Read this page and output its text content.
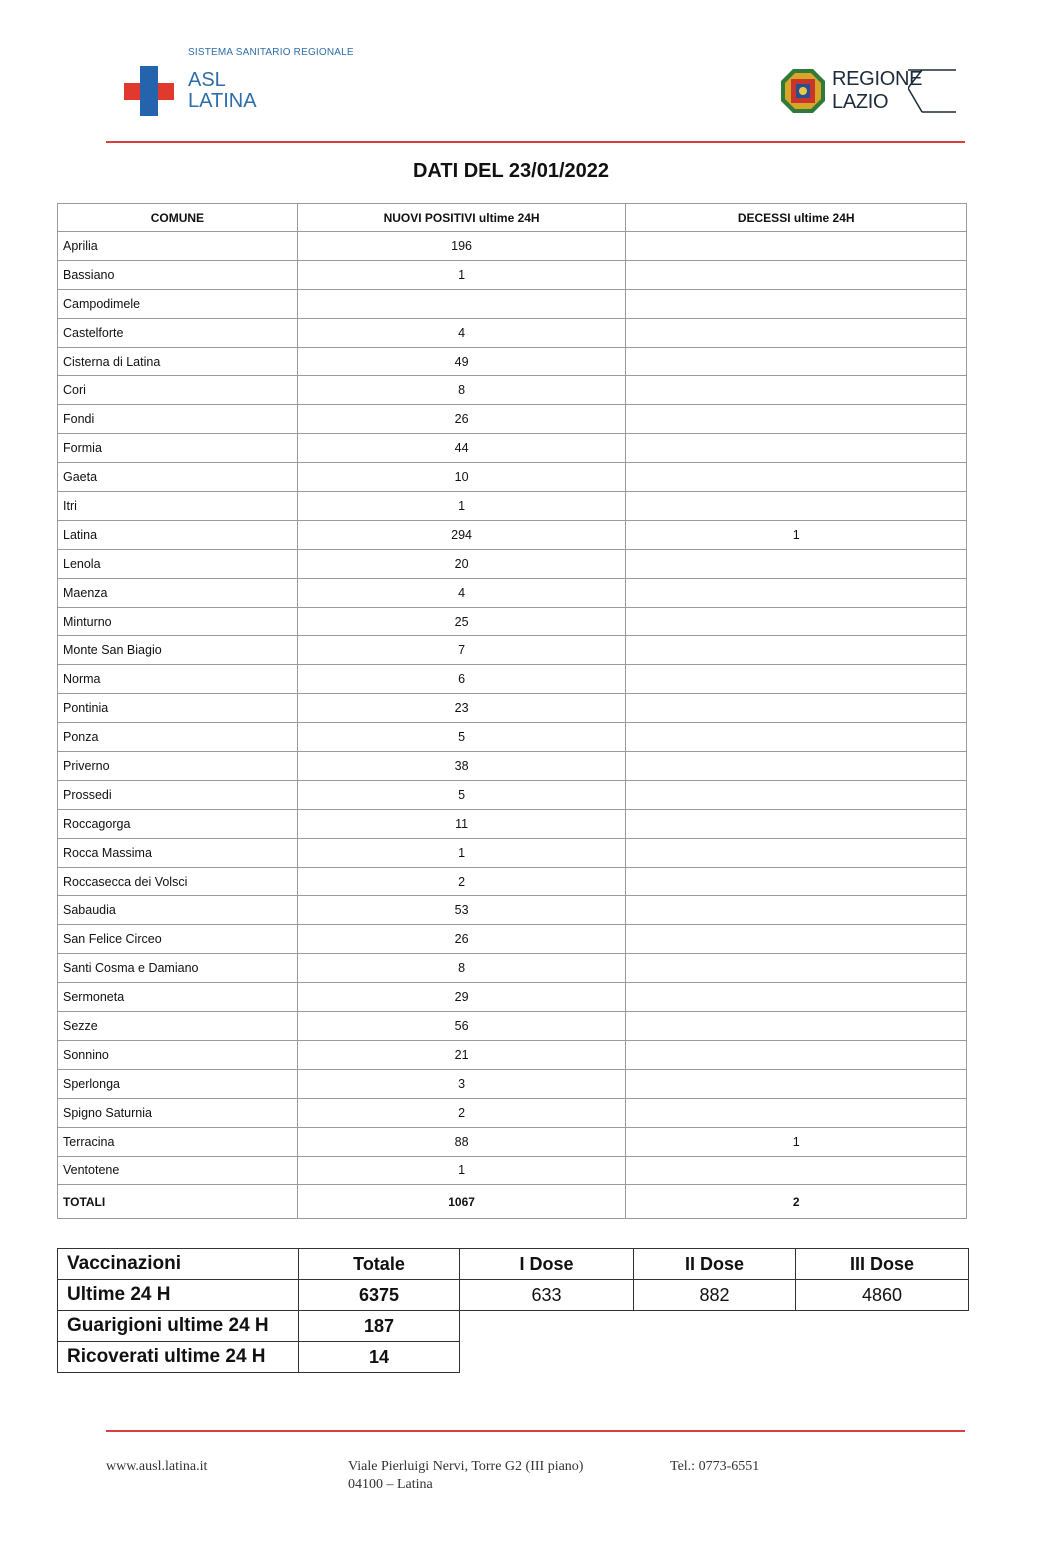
SISTEMA SANITARIO REGIONALE
ASL
LATINA
REGIONE
LAZIO
DATI DEL 23/01/2022
COMUNE	NUOVI POSITIVI ultime 24H	DECESSI ultime 24H
Aprilia	196	
Bassiano	1	
Campodimele		
Castelforte	4	
Cisterna di Latina	49	
Cori	8	
Fondi	26	
Formia	44	
Gaeta	10	
Itri	1	
Latina	294	1
Lenola	20	
Maenza	4	
Minturno	25	
Monte San Biagio	7	
Norma	6	
Pontinia	23	
Ponza	5	
Priverno	38	
Prossedi	5	
Roccagorga	11	
Rocca Massima	1	
Roccasecca dei Volsci	2	
Sabaudia	53	
San Felice Circeo	26	
Santi Cosma e Damiano	8	
Sermoneta	29	
Sezze	56	
Sonnino	21	
Sperlonga	3	
Spigno Saturnia	2	
Terracina	88	1
Ventotene	1	
TOTALI	1067	2
Vaccinazioni	Totale	I Dose	II Dose	III Dose
Ultime 24 H	6375	633	882	4860
Guarigioni ultime 24 H	187			
Ricoverati ultime 24 H	14			
www.ausl.latina.it	Viale Pierluigi Nervi, Torre G2 (III piano)
04100 – Latina
Tel.: 0773-6551
